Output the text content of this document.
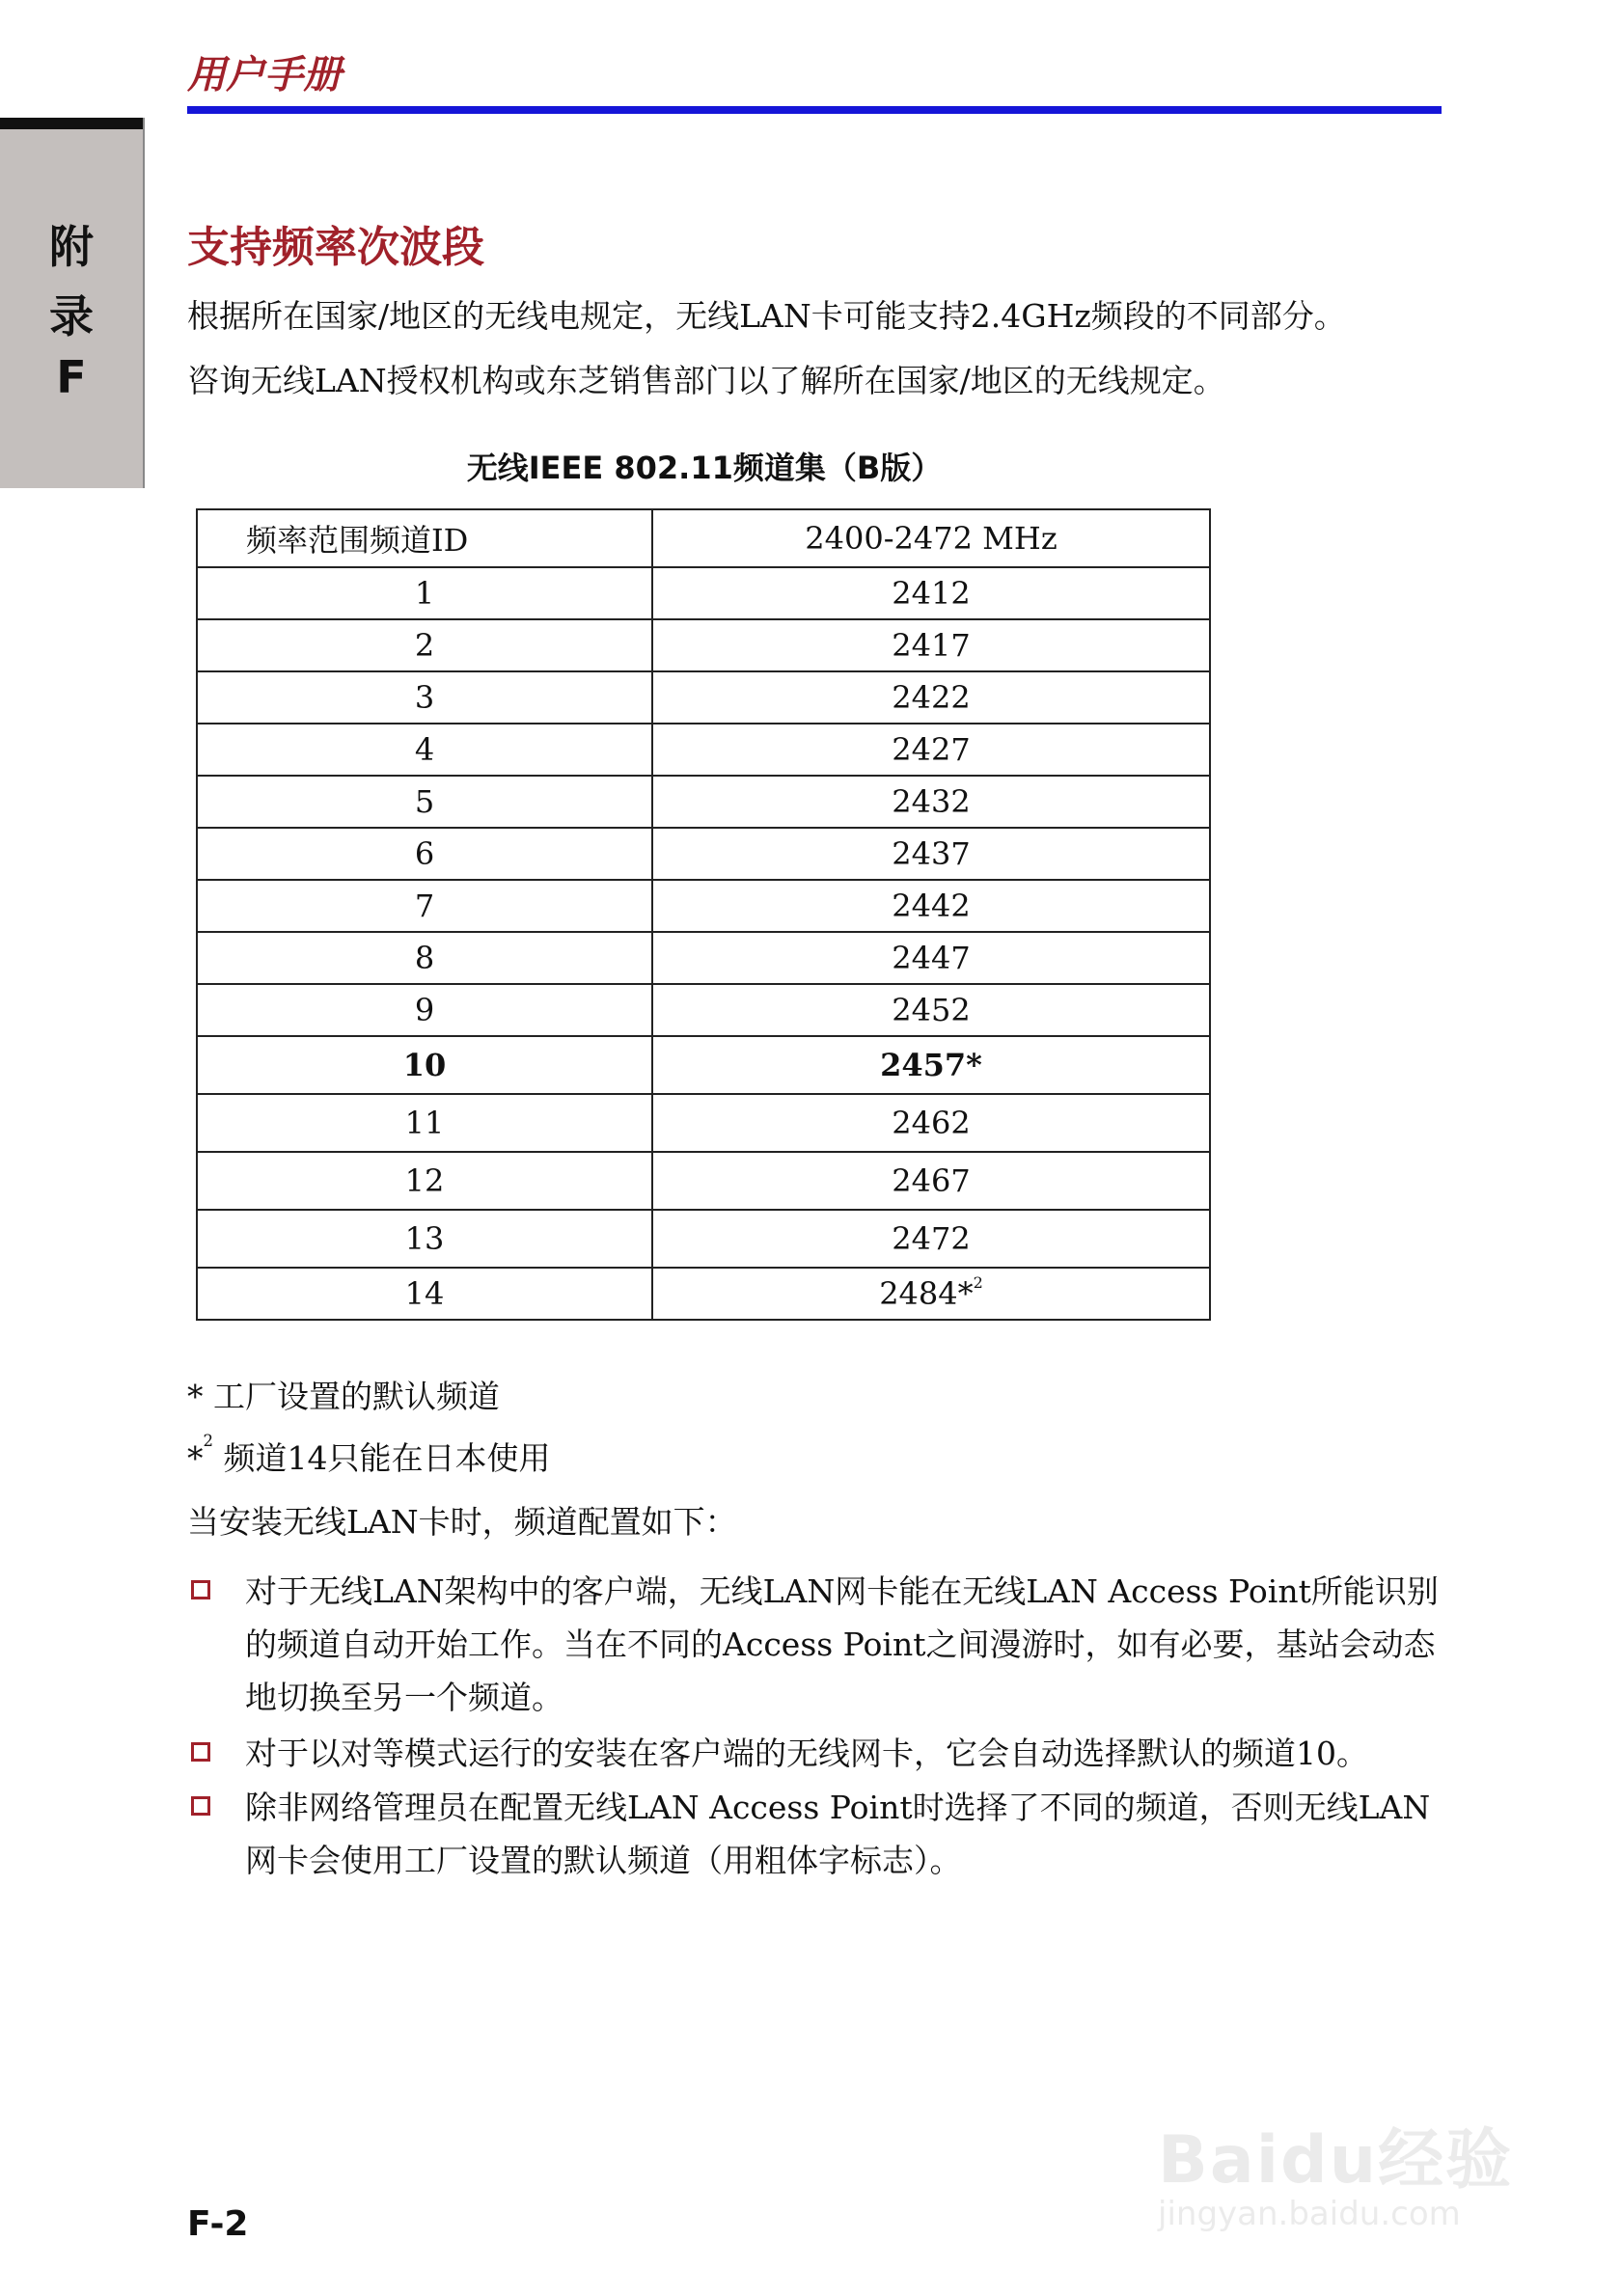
用户手册
附
录
F
支持频率次波段
根据所在国家/地区的无线电规定，无线LAN卡可能支持2.4GHz频段的不同部分。
咨询无线LAN授权机构或东芝销售部门以了解所在国家/地区的无线规定。
无线IEEE 802.11频道集（B版）
频率范围频道ID	2400-2472 MHz
1	2412
2	2417
3	2422
4	2427
5	2432
6	2437
7	2442
8	2447
9	2452
10	2457*
11	2462
12	2467
13	2472
14	2484*$^2$
* 工厂设置的默认频道
*$^2$ 频道14只能在日本使用
当安装无线LAN卡时，频道配置如下：
对于无线LAN架构中的客户端，无线LAN网卡能在无线LAN Access Point所能识别的频道自动开始工作。当在不同的Access Point之间漫游时，如有必要，基站会动态地切换至另一个频道。
对于以对等模式运行的安装在客户端的无线网卡，它会自动选择默认的频道10。
除非网络管理员在配置无线LAN Access Point时选择了不同的频道，否则无线LAN网卡会使用工厂设置的默认频道（用粗体字标志）。
F-2
Baidu经验
jingyan.baidu.com
